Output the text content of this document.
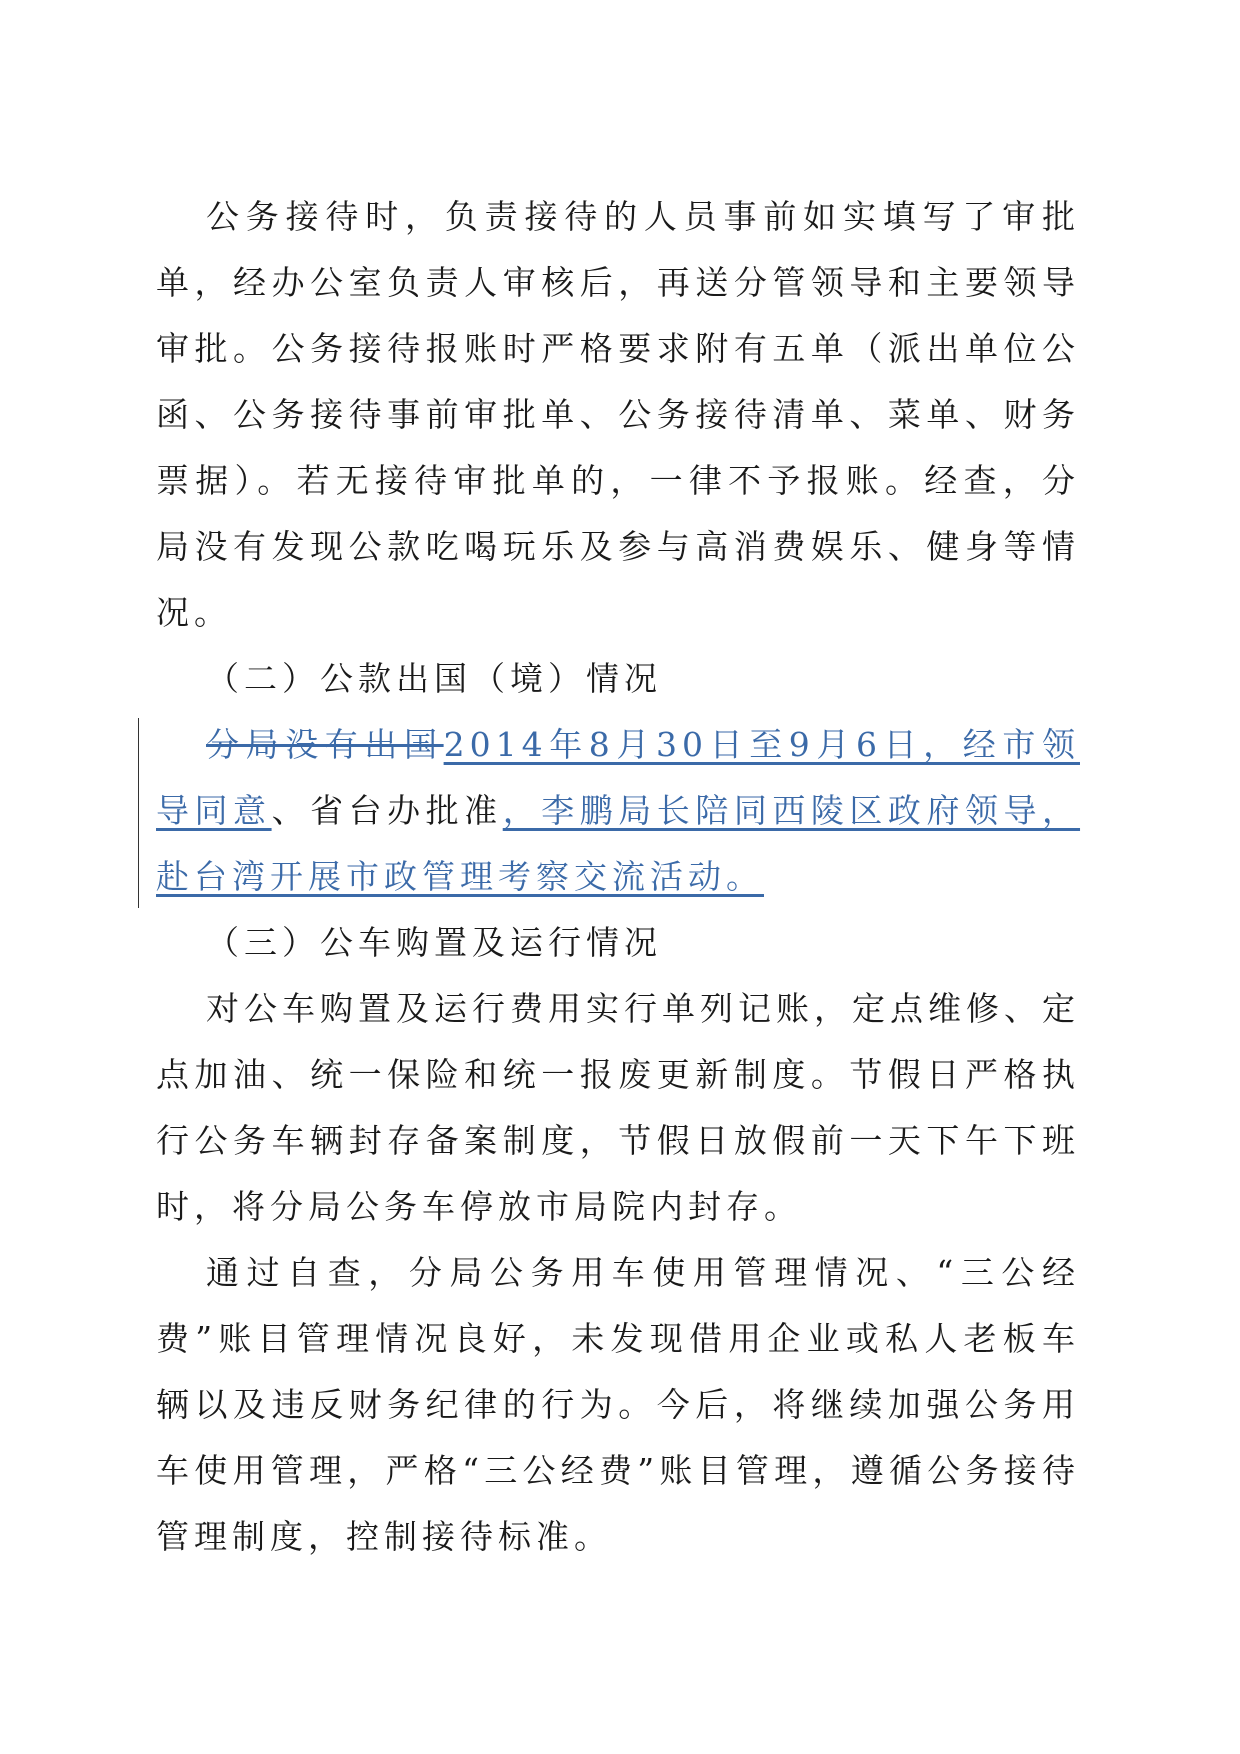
公务接待时，负责接待的人员事前如实填写了审批单，经办公室负责人审核后，再送分管领导和主要领导审批。公务接待报账时严格要求附有五单（派出单位公函、公务接待事前审批单、公务接待清单、菜单、财务票据）。若无接待审批单的，一律不予报账。经查，分局没有发现公款吃喝玩乐及参与高消费娱乐、健身等情况。

（二）公款出国（境）情况

分局没有出国2014年8月30日至9月6日，经市领导同意、省台办批准，李鹏局长陪同西陵区政府领导，赴台湾开展市政管理考察交流活动。

（三）公车购置及运行情况

对公车购置及运行费用实行单列记账，定点维修、定点加油、统一保险和统一报废更新制度。节假日严格执行公务车辆封存备案制度，节假日放假前一天下午下班时，将分局公务车停放市局院内封存。

通过自查，分局公务用车使用管理情况、“三公经费”账目管理情况良好，未发现借用企业或私人老板车辆以及违反财务纪律的行为。今后，将继续加强公务用车使用管理，严格“三公经费”账目管理，遵循公务接待管理制度，控制接待标准。
